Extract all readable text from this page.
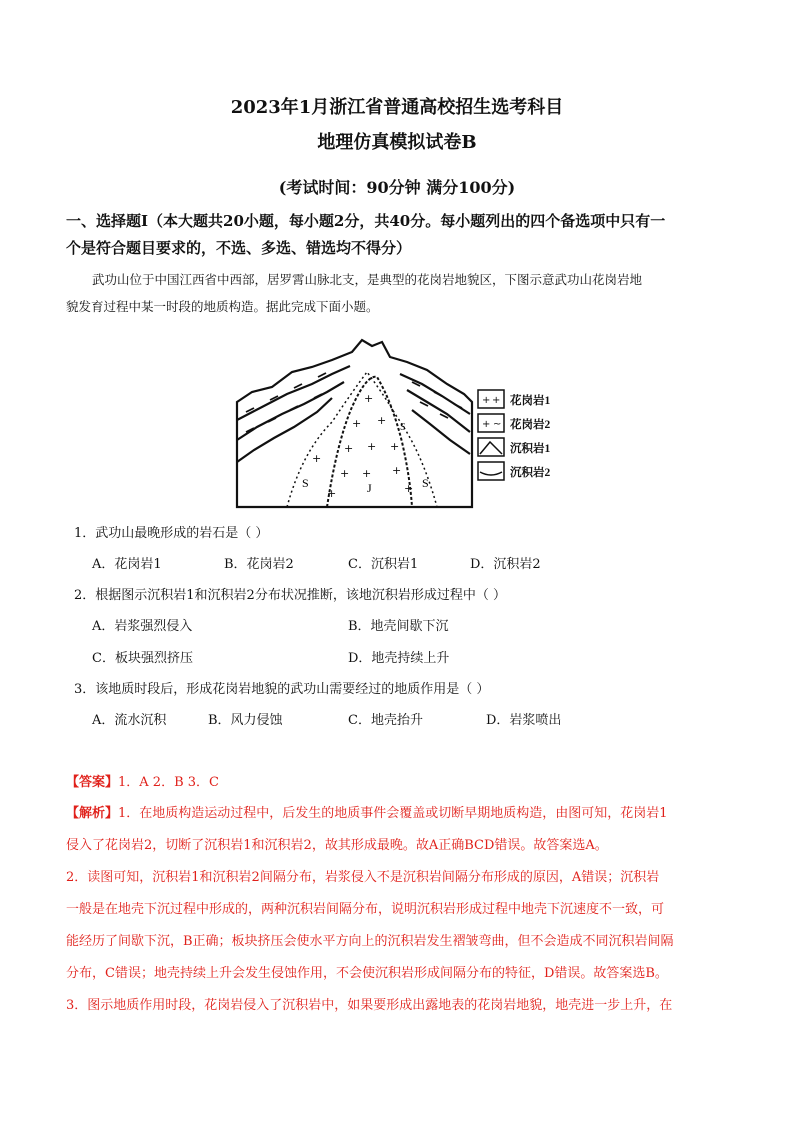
2023年1月浙江省普通高校招生选考科目
地理仿真模拟试卷B
(考试时间：90分钟 满分100分)
一、选择题Ⅰ（本大题共20小题，每小题2分，共40分。每小题列出的四个备选项中只有一
个是符合题目要求的，不选、多选、错选均不得分）
武功山位于中国江西省中西部，居罗霄山脉北支，是典型的花岗岩地貌区，下图示意武功山花岗岩地
貌发育过程中某一时段的地质构造。据此完成下面小题。
+
+ +
+ + +
+ + +
+
+
+
S	S
J
S
+ +
+ ~
花岗岩1
花岗岩2
沉积岩1
沉积岩2
1．武功山最晚形成的岩石是（ ）
A．花岗岩1	B．花岗岩2	C．沉积岩1	D．沉积岩2
2．根据图示沉积岩1和沉积岩2分布状况推断，该地沉积岩形成过程中（ ）
A．岩浆强烈侵入	B．地壳间歇下沉
C．板块强烈挤压	D．地壳持续上升
3．该地质时段后，形成花岗岩地貌的武功山需要经过的地质作用是（ ）
A．流水沉积	B．风力侵蚀	C．地壳抬升	D．岩浆喷出
【答案】1．A 2．B 3．C
【解析】1．在地质构造运动过程中，后发生的地质事件会覆盖或切断早期地质构造，由图可知，花岗岩1
侵入了花岗岩2，切断了沉积岩1和沉积岩2，故其形成最晚。故A正确BCD错误。故答案选A。
2．读图可知，沉积岩1和沉积岩2间隔分布，岩浆侵入不是沉积岩间隔分布形成的原因，A错误；沉积岩
一般是在地壳下沉过程中形成的，两种沉积岩间隔分布，说明沉积岩形成过程中地壳下沉速度不一致，可
能经历了间歇下沉，B正确；板块挤压会使水平方向上的沉积岩发生褶皱弯曲，但不会造成不同沉积岩间隔
分布，C错误；地壳持续上升会发生侵蚀作用，不会使沉积岩形成间隔分布的特征，D错误。故答案选B。
3．图示地质作用时段，花岗岩侵入了沉积岩中，如果要形成出露地表的花岗岩地貌，地壳进一步上升，在
